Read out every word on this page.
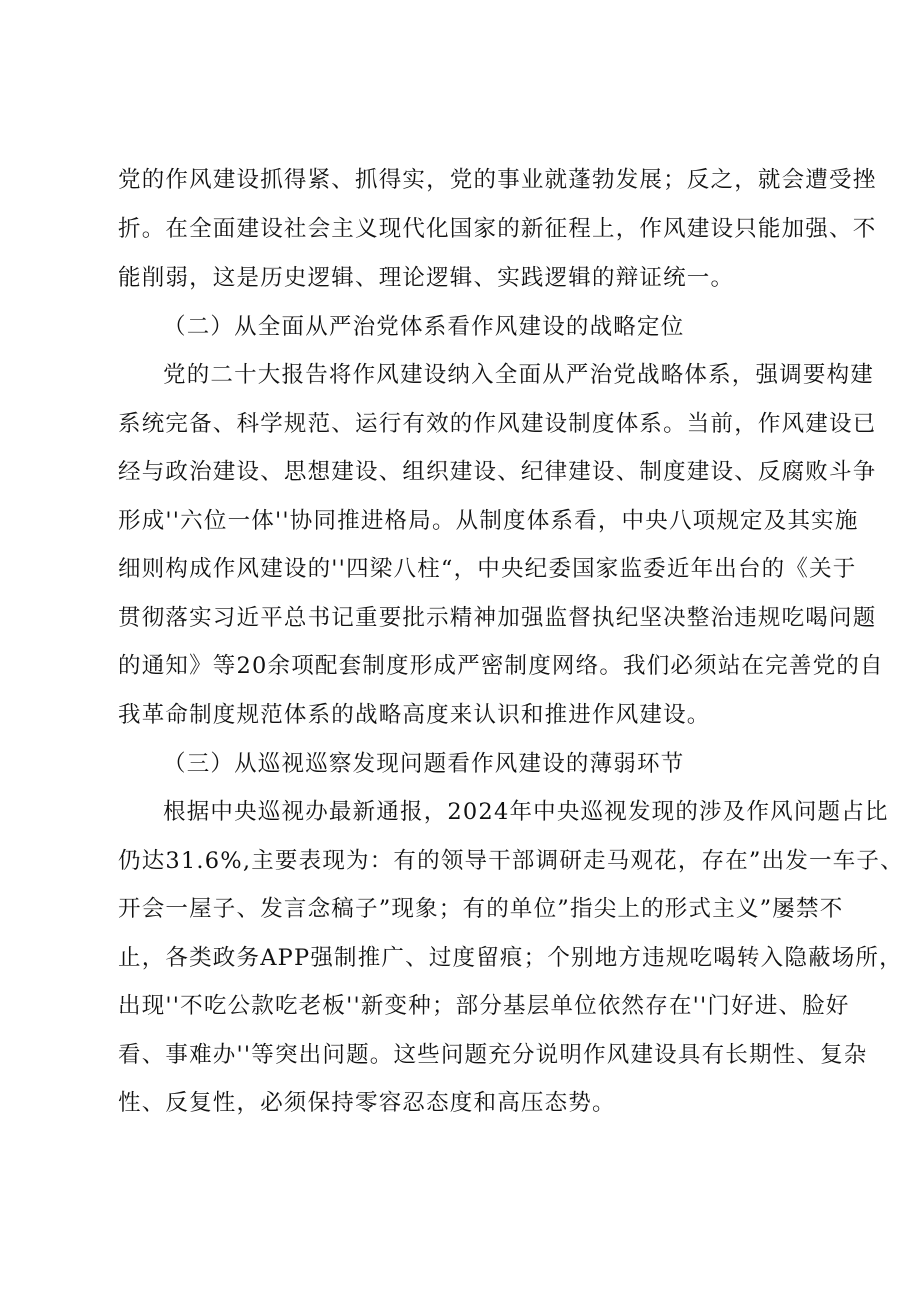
党的作风建设抓得紧、抓得实，党的事业就蓬勃发展；反之，就会遭受挫
折。在全面建设社会主义现代化国家的新征程上，作风建设只能加强、不
能削弱，这是历史逻辑、理论逻辑、实践逻辑的辩证统一。
（二）从全面从严治党体系看作风建设的战略定位
党的二十大报告将作风建设纳入全面从严治党战略体系，强调要构建
系统完备、科学规范、运行有效的作风建设制度体系。当前，作风建设已
经与政治建设、思想建设、组织建设、纪律建设、制度建设、反腐败斗争
形成''六位一体''协同推进格局。从制度体系看，中央八项规定及其实施
细则构成作风建设的''四梁八柱“，中央纪委国家监委近年出台的《关于
贯彻落实习近平总书记重要批示精神加强监督执纪坚决整治违规吃喝问题
的通知》等20余项配套制度形成严密制度网络。我们必须站在完善党的自
我革命制度规范体系的战略高度来认识和推进作风建设。
（三）从巡视巡察发现问题看作风建设的薄弱环节
根据中央巡视办最新通报，2024年中央巡视发现的涉及作风问题占比
仍达31.6%,主要表现为：有的领导干部调研走马观花，存在”出发一车子、
开会一屋子、发言念稿子”现象；有的单位”指尖上的形式主义”屡禁不
止，各类政务APP强制推广、过度留痕；个别地方违规吃喝转入隐蔽场所，
出现''不吃公款吃老板''新变种；部分基层单位依然存在''门好进、脸好
看、事难办''等突出问题。这些问题充分说明作风建设具有长期性、复杂
性、反复性，必须保持零容忍态度和高压态势。
